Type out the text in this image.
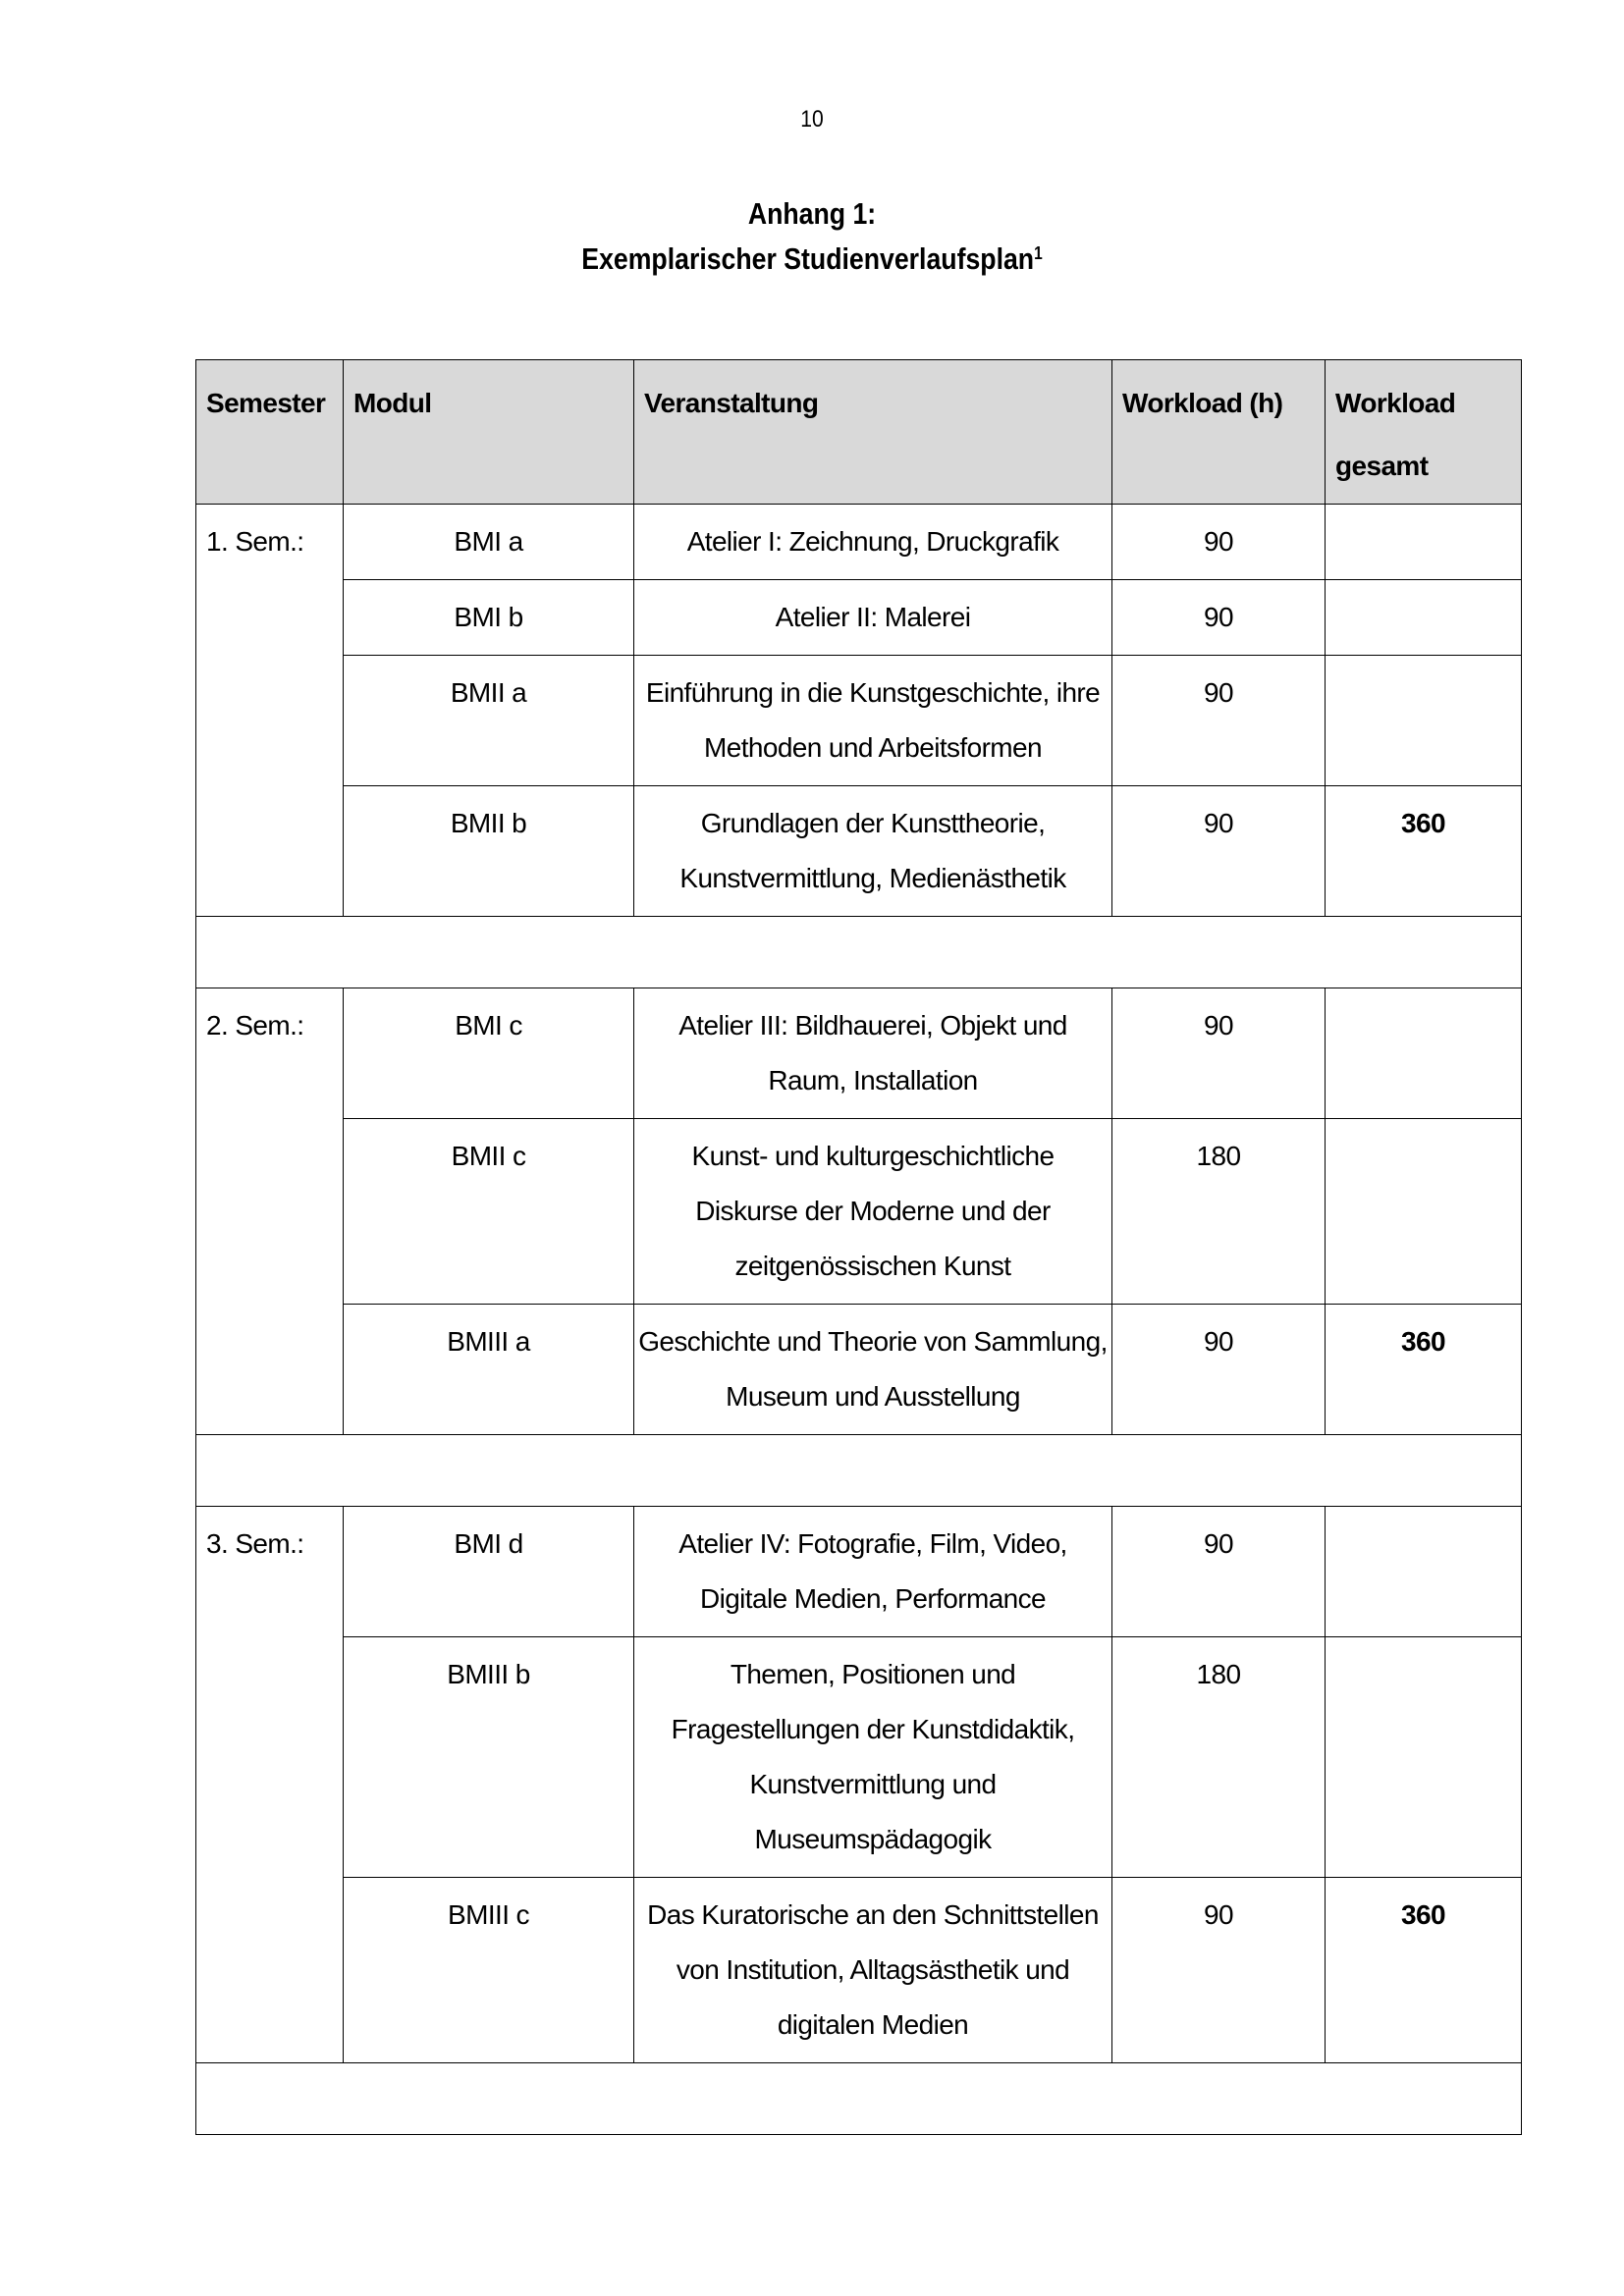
10
Anhang 1:
Exemplarischer Studienverlaufsplan$^1$
Semester	Modul	Veranstaltung	Workload (h)	Workload gesamt

1. Sem.:	BMI a	Atelier I: Zeichnung, Druckgrafik	90	

	BMI b	Atelier II: Malerei	90	

	BMII a	Einführung in die Kunstgeschichte, ihre Methoden und Arbeitsformen	90	

	BMII b	Grundlagen der Kunsttheorie, Kunstvermittlung, Medienästhetik	90	360

2. Sem.:	BMI c	Atelier III: Bildhauerei, Objekt und Raum, Installation	90	

	BMII c	Kunst- und kulturgeschichtliche Diskurse der Moderne und der zeitgenössischen Kunst	180	

	BMIII a	Geschichte und Theorie von Sammlung, Museum und Ausstellung	90	360

3. Sem.:	BMI d	Atelier IV: Fotografie, Film, Video, Digitale Medien, Performance	90	

	BMIII b	Themen, Positionen und Fragestellungen der Kunstdidaktik, Kunstvermittlung und Museumspädagogik	180	

	BMIII c	Das Kuratorische an den Schnittstellen von Institution, Alltagsästhetik und digitalen Medien	90	360
